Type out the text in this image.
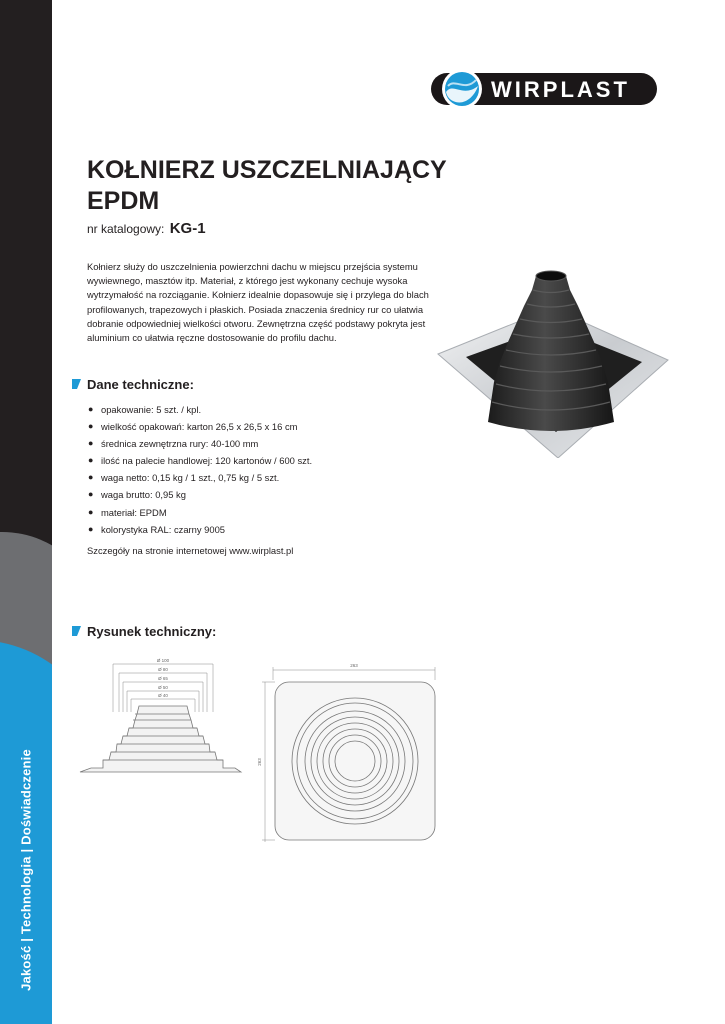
Jakość | Technologia | Doświadczenie
WIRPLAST
KOŁNIERZ USZCZELNIAJĄCY
EPDM
nr katalogowy: KG-1

Kołnierz służy do uszczelnienia powierzchni dachu w miejscu przejścia systemu wywiewnego, masztów itp. Materiał, z którego jest wykonany cechuje wysoka wytrzymałość na rozciąganie. Kołnierz idealnie dopasowuje się i przylega do blach profilowanych, trapezowych i płaskich. Posiada znaczenia średnicy rur co ułatwia dobranie odpowiedniej wielkości otworu. Zewnętrzna część podstawy pokryta jest aluminium co ułatwia ręczne dostosowanie do profilu dachu.

Dane techniczne:
● opakowanie: 5 szt. / kpl.
● wielkość opakowań: karton 26,5 x 26,5 x 16 cm
● średnica zewnętrzna rury: 40-100 mm
● ilość na palecie handlowej: 120 kartonów / 600 szt.
● waga netto: 0,15 kg / 1 szt., 0,75 kg / 5 szt.
● waga brutto: 0,95 kg
● materiał: EPDM
● kolorystyka RAL: czarny 9005
Szczegóły na stronie internetowej www.wirplast.pl
Rysunek techniczny:
Ø 100
Ø 80
Ø 65
Ø 50
Ø 40
263
263
